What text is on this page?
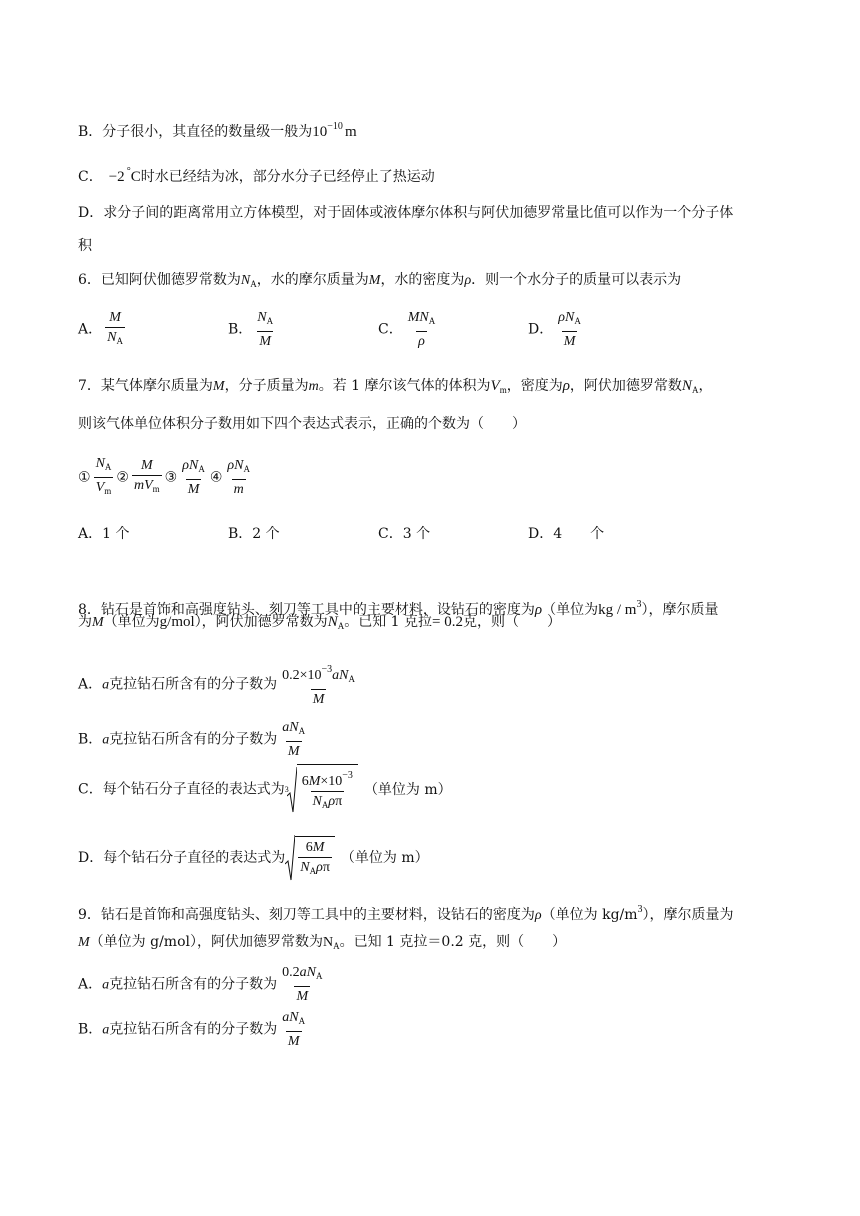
B．分子很小，其直径的数量级一般为$10^{-10}$ m
C． −2 °C时水已经结为冰，部分水分子已经停止了热运动
D．求分子间的距离常用立方体模型，对于固体或液体摩尔体积与阿伏加德罗常量比值可以作为一个分子体
积
6．已知阿伏伽德罗常数为$N_A$，水的摩尔质量为M，水的密度为ρ．则一个水分子的质量可以表示为
A． $\frac{M}{N_A}$	B． $\frac{N_A}{M}$	C． $\frac{MN_A}{\rho}$	D． $\frac{\rho N_A}{M}$
7．某气体摩尔质量为M，分子质量为m。若 1 摩尔该气体的体积为$V_m$，密度为ρ，阿伏加德罗常数$N_A$，
则该气体单位体积分子数用如下四个表达式表示，正确的个数为（　　）
① $\frac{N_A}{V_m}$ ② $\frac{M}{mV_m}$ ③ $\frac{\rho N_A}{M}$ ④ $\frac{\rho N_A}{m}$
A．1 个	B．2 个	C．3 个	D．4　　个
8．钻石是首饰和高强度钻头、刻刀等工具中的主要材料，设钻石的密度为ρ（单位为kg / $m^3$），摩尔质量
为M（单位为g/mol），阿伏加德罗常数为$N_A$。已知 1 克拉= 0.2克，则（　　）
A．a克拉钻石所含有的分子数为 $\frac{0.2\times 10^{-3}aN_A}{M}$
B．a克拉钻石所含有的分子数为 $\frac{aN_A}{M}$
C．每个钻石分子直径的表达式为 $3 \frac{6M\times 10^{-3}}{N_A\rho\pi}$ （单位为 m）
D．每个钻石分子直径的表达式为 $\frac{6M}{N_A\rho\pi}$ （单位为 m）
9．钻石是首饰和高强度钻头、刻刀等工具中的主要材料，设钻石的密度为ρ（单位为 $kg/m^3$），摩尔质量为
M（单位为 g/mol），阿伏加德罗常数为$N_A$。已知 1 克拉＝0.2 克，则（　　）
A．a克拉钻石所含有的分子数为 $\frac{0.2aN_A}{M}$
B．a克拉钻石所含有的分子数为 $\frac{aN_A}{M}$
